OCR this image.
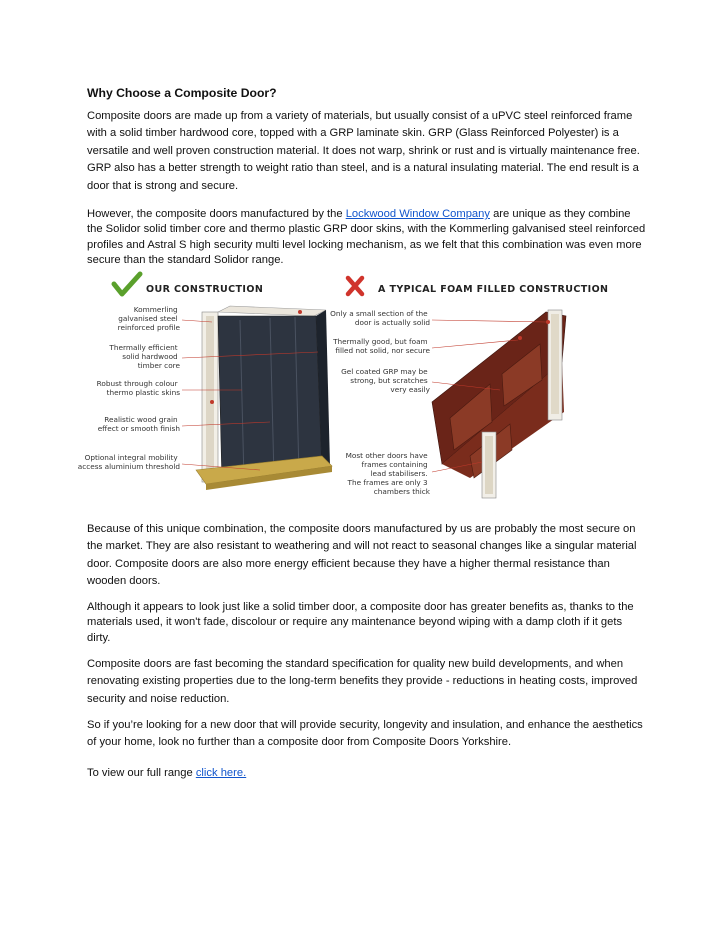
Why Choose a Composite Door?

Composite doors are made up from a variety of materials, but usually consist of a uPVC steel reinforced frame with a solid timber hardwood core, topped with a GRP laminate skin. GRP (Glass Reinforced Polyester) is a versatile and well proven construction material. It does not warp, shrink or rust and is virtually maintenance free. GRP also has a better strength to weight ratio than steel, and is a natural insulating material. The end result is a door that is strong and secure.

However, the composite doors manufactured by the Lockwood Window Company are unique as they combine the Solidor solid timber core and thermo plastic GRP door skins, with the Kommerling galvanised steel reinforced profiles and Astral S high security multi level locking mechanism, as we felt that this combination was even more secure than the standard Solidor range.

OUR CONSTRUCTION
Kommerling galvanised steel reinforced profile
Thermally efficient solid hardwood timber core
Robust through colour thermo plastic skins
Realistic wood grain effect or smooth finish
Optional integral mobility access aluminium threshold
A TYPICAL FOAM FILLED CONSTRUCTION
Only a small section of the door is actually solid
Thermally good, but foam filled not solid, nor secure
Gel coated GRP may be strong, but scratches very easily
Most other doors have frames containing lead stabilisers. The frames are only 3 chambers thick

Because of this unique combination, the composite doors manufactured by us are probably the most secure on the market. They are also resistant to weathering and will not react to seasonal changes like a singular material door. Composite doors are also more energy efficient because they have a higher thermal resistance than wooden doors.

Although it appears to look just like a solid timber door, a composite door has greater benefits as, thanks to the materials used, it won't fade, discolour or require any maintenance beyond wiping with a damp cloth if it gets dirty.

Composite doors are fast becoming the standard specification for quality new build developments, and when renovating existing properties due to the long-term benefits they provide - reductions in heating costs, improved security and noise reduction.

So if you’re looking for a new door that will provide security, longevity and insulation, and enhance the aesthetics of your home, look no further than a composite door from Composite Doors Yorkshire.

To view our full range click here.
